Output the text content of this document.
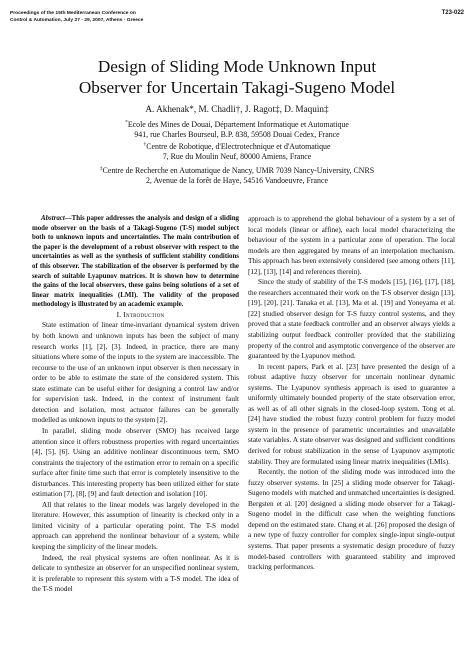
Proceedings of the 15th Mediterranean Conference on
Control & Automation, July 27 - 29, 2007, Athens - Greece
T23-022
Design of Sliding Mode Unknown Input
Observer for Uncertain Takagi-Sugeno Model
A. Akhenak*, M. Chadli†, J. Ragot‡, D. Maquin‡
*Ecole des Mines de Douai, Département Informatique et Automatique
941, rue Charles Bourseul, B.P. 838, 59508 Douai Cedex, France
†Centre de Robotique, d'Electrotechnique et d'Automatique
7, Rue du Moulin Neuf, 80000 Amiens, France
‡Centre de Recherche en Automatique de Nancy, UMR 7039 Nancy-University, CNRS
2, Avenue de la forêt de Haye, 54516 Vandoeuvre, France

Abstract—This paper addresses the analysis and design of a sliding mode observer on the basis of a Takagi-Sugeno (T-S) model subject both to unknown inputs and uncertainties. The main contribution of the paper is the development of a robust observer with respect to the uncertainties as well as the synthesis of sufficient stability conditions of this observer. The stabilization of the observer is performed by the search of suitable Lyapunov matrices. It is shown how to determine the gains of the local observers, these gains being solutions of a set of linear matrix inequalities (LMI). The validity of the proposed methodology is illustrated by an academic example.

I. Introduction

State estimation of linear time-invariant dynamical system driven by both known and unknown inputs has been the subject of many research works [1], [2], [3]. Indeed, in practice, there are many situations where some of the inputs to the system are inaccessible. The recourse to the use of an unknown input observer is then necessary in order to be able to estimate the state of the considered system. This state estimate can be useful either for designing a control law and/or for supervision task. Indeed, in the context of instrument fault detection and isolation, most actuator failures can be generally modelled as unknown inputs to the system [2].

In parallel, sliding mode observer (SMO) has received large attention since it offers robustness properties with regard uncertainties [4], [5], [6]. Using an additive nonlinear discontinuous term, SMO constraints the trajectory of the estimation error to remain on a specific surface after finite time such that error is completely insensitive to the disturbances. This interesting property has been utilized either for state estimation [7], [8], [9] and fault detection and isolation [10].

All that relates to the linear models was largely developed in the literature. However, this assumption of linearity is checked only in a limited vicinity of a particular operating point. The T-S model approach can apprehend the nonlinear behaviour of a system, while keeping the simplicity of the linear models.

Indeed, the real physical systems are often nonlinear. As it is delicate to synthesize an observer for an unspecified nonlinear system, it is preferable to represent this system with a T-S model. The idea of the T-S model

approach is to apprehend the global behaviour of a system by a set of local models (linear or affine), each local model characterizing the behaviour of the system in a particular zone of operation. The local models are then aggregated by means of an interpolation mechanism. This approach has been extensively considered (see among others [11], [12], [13], [14] and references therein).

Since the study of stability of the T-S models [15], [16], [17], [18], the researchers accentuated their work on the T-S observer design [13], [19], [20], [21]. Tanaka et al. [13], Ma et al. [19] and Yoneyama et al. [22] studied observer design for T-S fuzzy control systems, and they proved that a state feedback controller and an observer always yields a stabilizing output feedback controller provided that the stabilizing property of the control and asymptotic convergence of the observer are guaranteed by the Lyapunov method.

In recent papers, Park et al. [23] have presented the design of a robust adaptive fuzzy observer for uncertain nonlinear dynamic systems. The Lyapunov synthesis approach is used to guarantee a uniformly ultimately bounded property of the state observation error, as well as of all other signals in the closed-loop system. Tong et al. [24] have studied the robust fuzzy control problem for fuzzy model system in the presence of parametric uncertainties and unavailable state variables. A state observer was designed and sufficient conditions derived for robust stabilization in the sense of Lyapunov asymptotic stability. They are formulated using linear matrix inequalities (LMIs).

Recently, the notion of the sliding mode was introduced into the fuzzy observer systems. In [25] a sliding mode observer for Takagi-Sugeno models with matched and unmatched uncertainties is designed. Bergsten et al. [20] designed a sliding mode observer for a Takagi-Sugeno model in the difficult case when the weighting functions depend on the estimated state. Chang et al. [26] proposed the design of a new type of fuzzy controller for complex single-input single-output systems. That paper presents a systematic design procedure of fuzzy model-based controllers with guaranteed stability and improved tracking performances.
